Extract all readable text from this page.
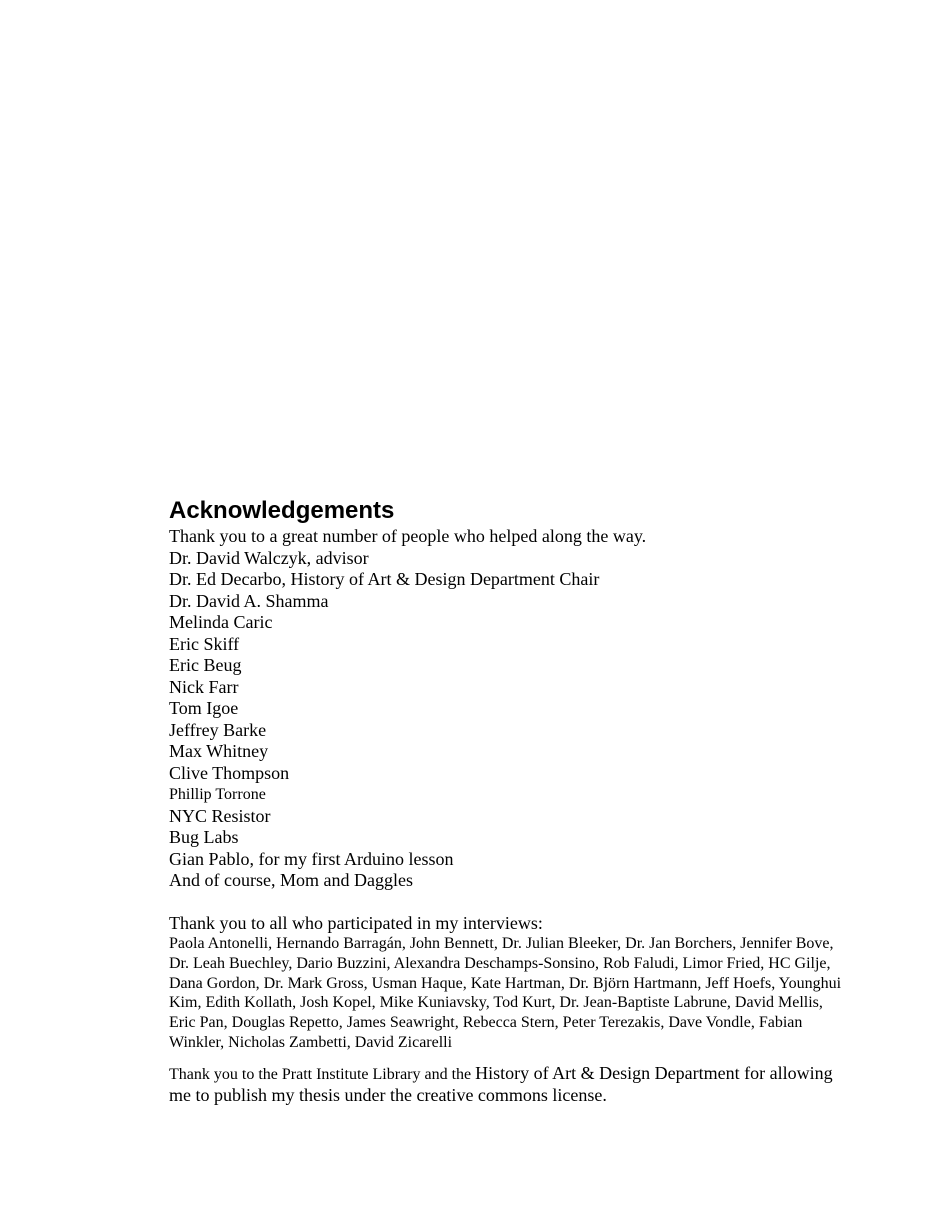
Acknowledgements
Thank you to a great number of people who helped along the way.
Dr. David Walczyk, advisor
Dr. Ed Decarbo, History of Art & Design Department Chair
Dr. David A. Shamma
Melinda Caric
Eric Skiff
Eric Beug
Nick Farr
Tom Igoe
Jeffrey Barke
Max Whitney
Clive Thompson
Phillip Torrone
NYC Resistor
Bug Labs
Gian Pablo, for my first Arduino lesson
And of course, Mom and Daggles
Thank you to all who participated in my interviews:

Paola Antonelli, Hernando Barragán, John Bennett, Dr. Julian Bleeker, Dr. Jan Borchers, Jennifer Bove, Dr. Leah Buechley, Dario Buzzini, Alexandra Deschamps-Sonsino, Rob Faludi, Limor Fried, HC Gilje, Dana Gordon, Dr. Mark Gross, Usman Haque, Kate Hartman, Dr. Björn Hartmann, Jeff Hoefs, Younghui Kim, Edith Kollath, Josh Kopel, Mike Kuniavsky, Tod Kurt, Dr. Jean-Baptiste Labrune, David Mellis, Eric Pan, Douglas Repetto, James Seawright, Rebecca Stern, Peter Terezakis, Dave Vondle, Fabian Winkler, Nicholas Zambetti, David Zicarelli

Thank you to the Pratt Institute Library and the History of Art & Design Department for allowing me to publish my thesis under the creative commons license.
